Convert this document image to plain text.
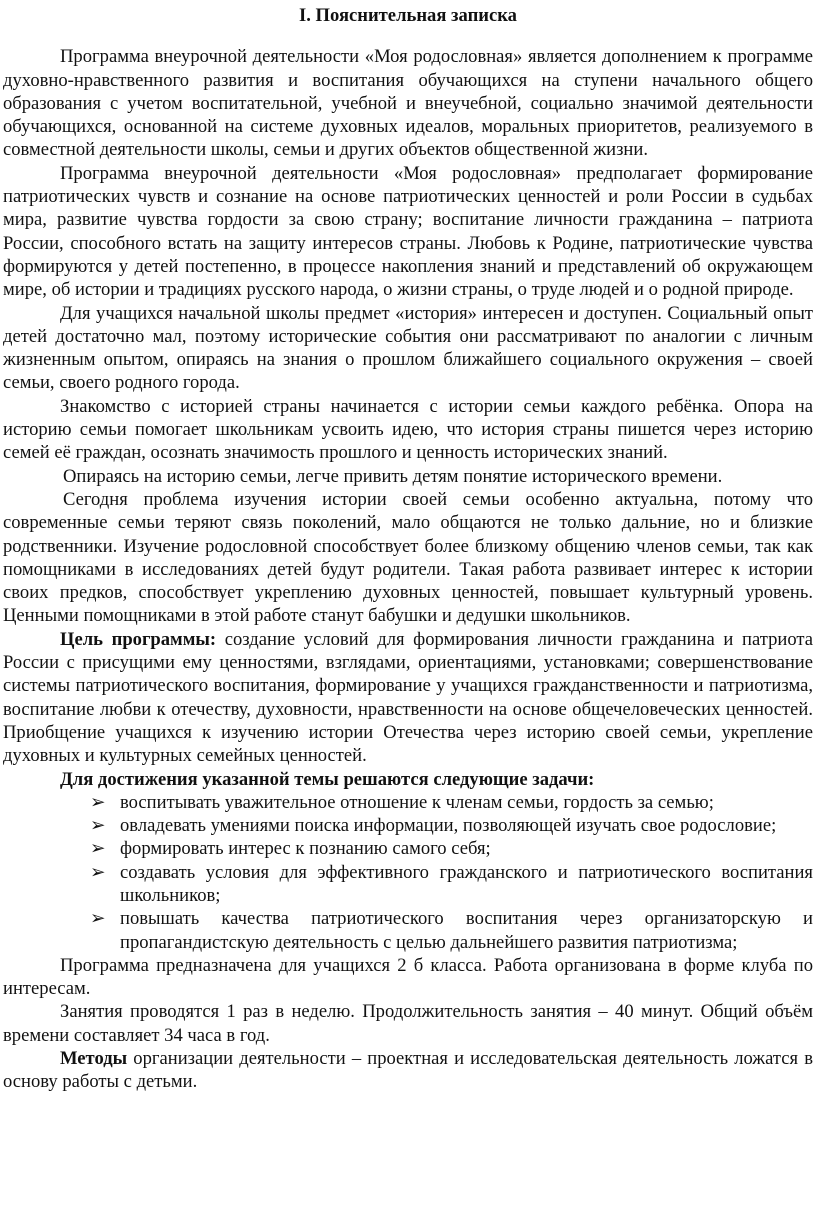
I. Пояснительная записка

Программа внеурочной деятельности «Моя родословная» является дополнением к программе духовно-нравственного развития и воспитания обучающихся на ступени начального общего образования с учетом воспитательной, учебной и внеучебной, социально значимой деятельности обучающихся, основанной на системе духовных идеалов, моральных приоритетов, реализуемого в совместной деятельности школы, семьи и других объектов общественной жизни.

Программа внеурочной деятельности «Моя родословная» предполагает формирование патриотических чувств и сознание на основе патриотических ценностей и роли России в судьбах мира, развитие чувства гордости за свою страну; воспитание личности гражданина – патриота России, способного встать на защиту интересов страны. Любовь к Родине, патриотические чувства формируются у детей постепенно, в процессе накопления знаний и представлений об окружающем мире, об истории и традициях русского народа, о жизни страны, о труде людей и о родной природе.

Для учащихся начальной школы предмет «история» интересен и доступен. Социальный опыт детей достаточно мал, поэтому исторические события они рассматривают по аналогии с личным жизненным опытом, опираясь на знания о прошлом ближайшего социального окружения – своей семьи, своего родного города.

Знакомство с историей страны начинается с истории семьи каждого ребёнка. Опора на историю семьи помогает школьникам усвоить идею, что история страны пишется через историю семей её граждан, осознать значимость прошлого и ценность исторических знаний.

Опираясь на историю семьи, легче привить детям понятие исторического времени.

Сегодня проблема изучения истории своей семьи особенно актуальна, потому что современные семьи теряют связь поколений, мало общаются не только дальние, но и близкие родственники. Изучение родословной способствует более близкому общению членов семьи, так как помощниками в исследованиях детей будут родители. Такая работа развивает интерес к истории своих предков, способствует укреплению духовных ценностей, повышает культурный уровень. Ценными помощниками в этой работе станут бабушки и дедушки школьников.

Цель программы: создание условий для формирования личности гражданина и патриота России с присущими ему ценностями, взглядами, ориентациями, установками; совершенствование системы патриотического воспитания, формирование у учащихся гражданственности и патриотизма, воспитание любви к отечеству, духовности, нравственности на основе общечеловеческих ценностей. Приобщение учащихся к изучению истории Отечества через историю своей семьи, укрепление духовных и культурных семейных ценностей.

Для достижения указанной темы решаются следующие задачи:

➢ воспитывать уважительное отношение к членам семьи, гордость за семью;
➢ овладевать умениями поиска информации, позволяющей изучать свое родословие;
➢ формировать интерес к познанию самого себя;
➢ создавать условия для эффективного гражданского и патриотического воспитания школьников;
➢ повышать качества патриотического воспитания через организаторскую и пропагандистскую деятельность с целью дальнейшего развития патриотизма;

Программа предназначена для учащихся 2 б класса. Работа организована в форме клуба по интересам.

Занятия проводятся 1 раз в неделю. Продолжительность занятия – 40 минут. Общий объём времени составляет 34 часа в год.

Методы организации деятельности – проектная и исследовательская деятельность ложатся в основу работы с детьми.
